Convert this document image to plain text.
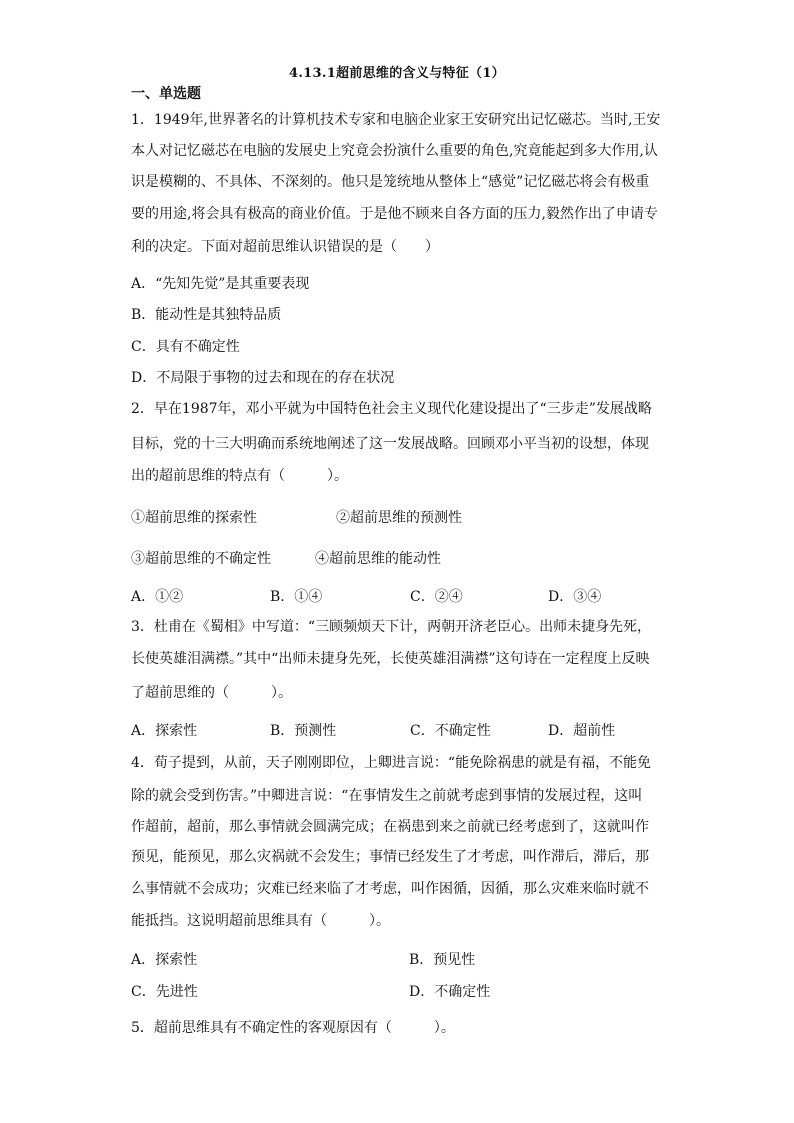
4.13.1超前思维的含义与特征（1）
一、单选题
1．1949年,世界著名的计算机技术专家和电脑企业家王安研究出记忆磁芯。当时,王安
本人对记忆磁芯在电脑的发展史上究竟会扮演什么重要的角色,究竟能起到多大作用,认
识是模糊的、不具体、不深刻的。他只是笼统地从整体上“感觉”记忆磁芯将会有极重
要的用途,将会具有极高的商业价值。于是他不顾来自各方面的压力,毅然作出了申请专
利的决定。下面对超前思维认识错误的是（　　）
A．“先知先觉”是其重要表现
B．能动性是其独特品质
C．具有不确定性
D．不局限于事物的过去和现在的存在状况
2．早在1987年，邓小平就为中国特色社会主义现代化建设提出了“三步走”发展战略
目标，党的十三大明确而系统地阐述了这一发展战略。回顾邓小平当初的设想，体现
出的超前思维的特点有（　　　）。
①超前思维的探索性	②超前思维的预测性
③超前思维的不确定性	④超前思维的能动性
A．①②	B．①④	C．②④	D．③④
3．杜甫在《蜀相》中写道：“三顾频烦天下计，两朝开济老臣心。出师未捷身先死，
长使英雄泪满襟。”其中“出师未捷身先死，长使英雄泪满襟”这句诗在一定程度上反映
了超前思维的（　　　）。
A．探索性	B．预测性	C．不确定性	D．超前性
4．荀子提到，从前，天子刚刚即位，上卿进言说：“能免除祸患的就是有福，不能免
除的就会受到伤害。”中卿进言说：“在事情发生之前就考虑到事情的发展过程，这叫
作超前，超前，那么事情就会圆满完成；在祸患到来之前就已经考虑到了，这就叫作
预见，能预见，那么灾祸就不会发生；事情已经发生了才考虑，叫作滞后，滞后，那
么事情就不会成功；灾难已经来临了才考虑，叫作困循，因循，那么灾难来临时就不
能抵挡。这说明超前思维具有（　　　）。
A．探索性	B．预见性
C．先进性	D．不确定性
5．超前思维具有不确定性的客观原因有（　　　）。
